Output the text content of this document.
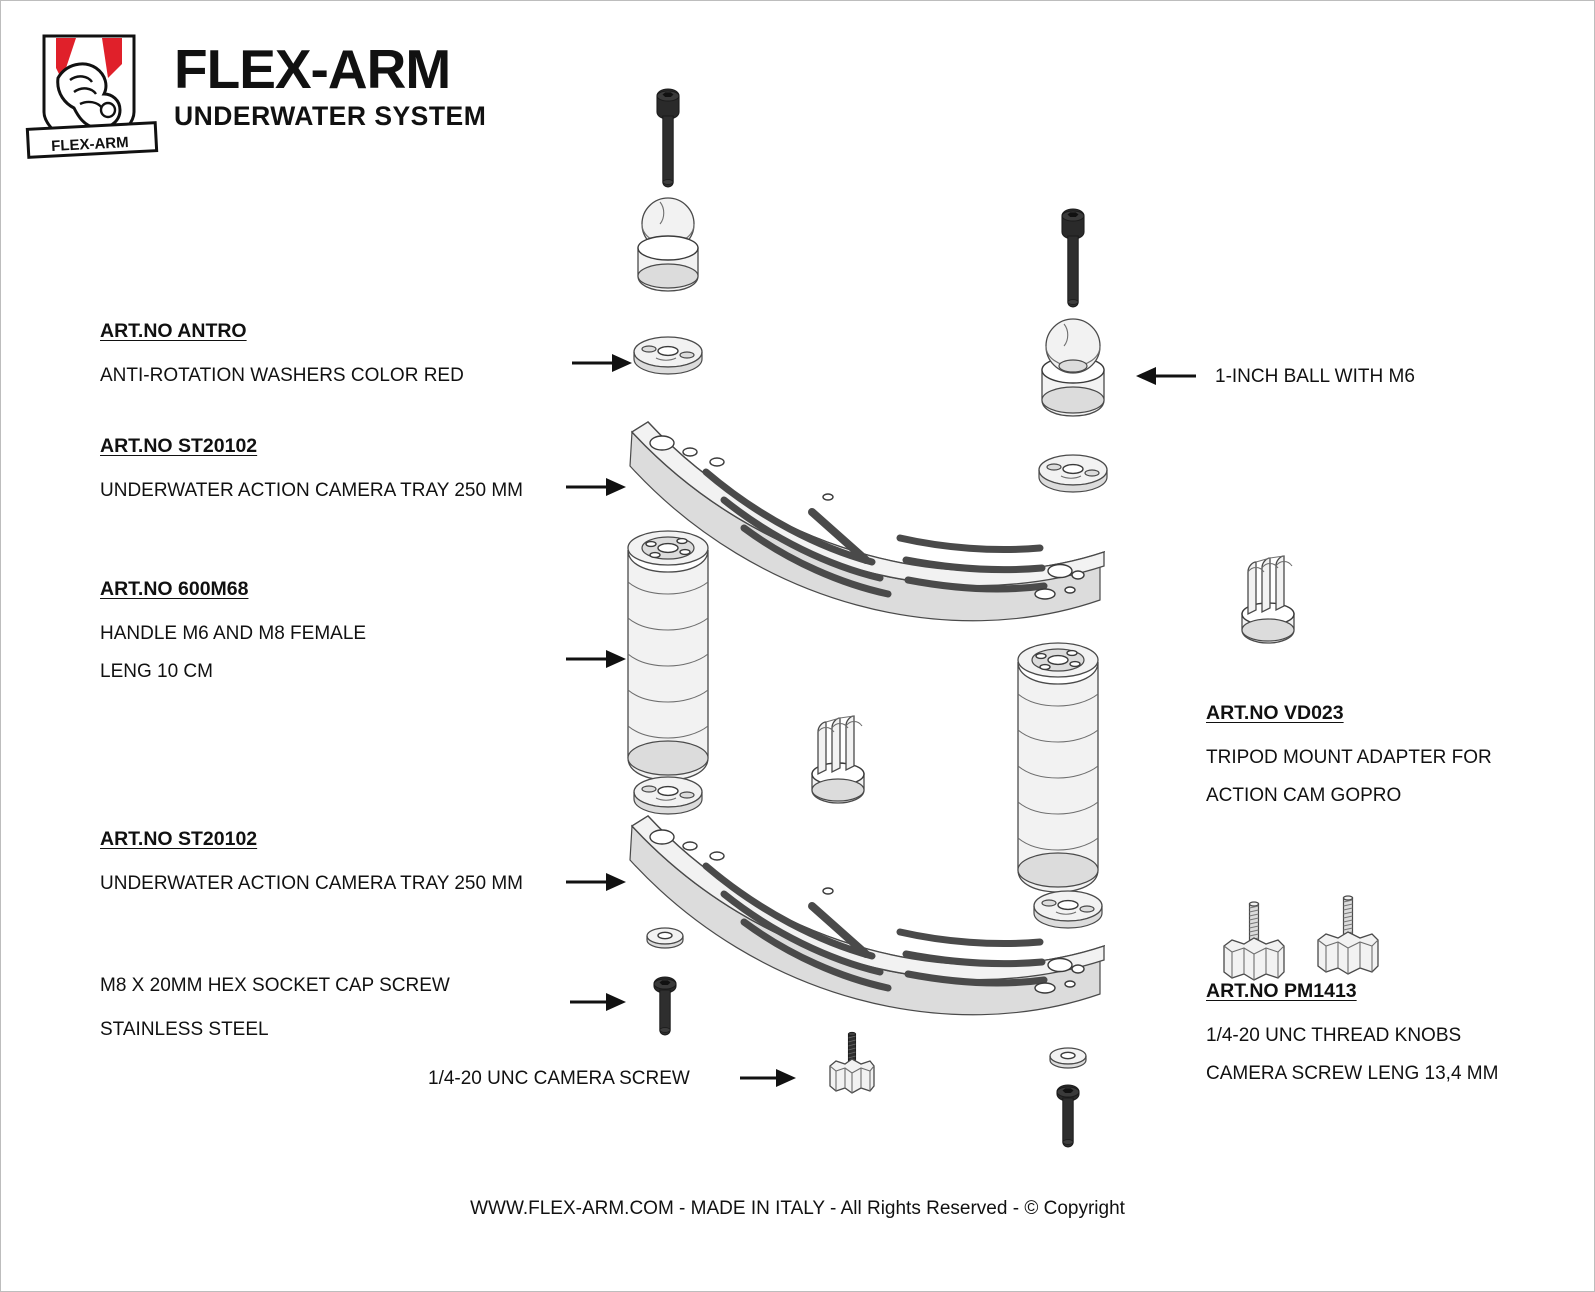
FLEX-ARM
FLEX-ARM
UNDERWATER SYSTEM
ART.NO ANTRO
ANTI-ROTATION WASHERS COLOR RED
ART.NO ST20102
UNDERWATER ACTION CAMERA TRAY 250 MM
ART.NO 600M68
HANDLE M6 AND M8 FEMALE
LENG 10 CM
ART.NO ST20102
UNDERWATER ACTION CAMERA TRAY 250 MM
M8 X 20MM HEX SOCKET CAP SCREW
STAINLESS STEEL
1/4-20 UNC CAMERA SCREW
1-INCH BALL WITH M6
ART.NO VD023
TRIPOD MOUNT ADAPTER FOR
ACTION CAM GOPRO
ART.NO PM1413
1/4-20 UNC THREAD KNOBS
CAMERA SCREW LENG 13,4 MM
WWW.FLEX-ARM.COM - MADE IN ITALY - All Rights Reserved - © Copyright
